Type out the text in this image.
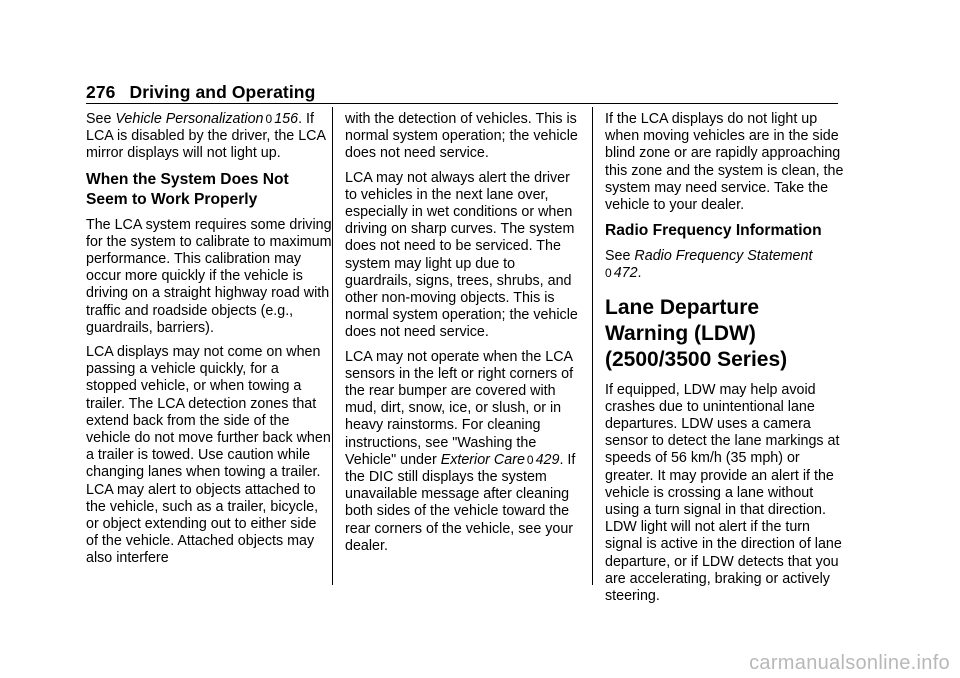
276 Driving and Operating

See Vehicle Personalization 0 156. If LCA is disabled by the driver, the LCA mirror displays will not light up.

When the System Does Not Seem to Work Properly

The LCA system requires some driving for the system to calibrate to maximum performance. This calibration may occur more quickly if the vehicle is driving on a straight highway road with traffic and roadside objects (e.g., guardrails, barriers).

LCA displays may not come on when passing a vehicle quickly, for a stopped vehicle, or when towing a trailer. The LCA detection zones that extend back from the side of the vehicle do not move further back when a trailer is towed. Use caution while changing lanes when towing a trailer. LCA may alert to objects attached to the vehicle, such as a trailer, bicycle, or object extending out to either side of the vehicle. Attached objects may also interfere

with the detection of vehicles. This is normal system operation; the vehicle does not need service.

LCA may not always alert the driver to vehicles in the next lane over, especially in wet conditions or when driving on sharp curves. The system does not need to be serviced. The system may light up due to guardrails, signs, trees, shrubs, and other non-moving objects. This is normal system operation; the vehicle does not need service.

LCA may not operate when the LCA sensors in the left or right corners of the rear bumper are covered with mud, dirt, snow, ice, or slush, or in heavy rainstorms. For cleaning instructions, see "Washing the Vehicle" under Exterior Care 0 429. If the DIC still displays the system unavailable message after cleaning both sides of the vehicle toward the rear corners of the vehicle, see your dealer.

If the LCA displays do not light up when moving vehicles are in the side blind zone or are rapidly approaching this zone and the system is clean, the system may need service. Take the vehicle to your dealer.

Radio Frequency Information

See Radio Frequency Statement
0 472.

Lane Departure Warning (LDW) (2500/3500 Series)

If equipped, LDW may help avoid crashes due to unintentional lane departures. LDW uses a camera sensor to detect the lane markings at speeds of 56 km/h (35 mph) or greater. It may provide an alert if the vehicle is crossing a lane without using a turn signal in that direction. LDW light will not alert if the turn signal is active in the direction of lane departure, or if LDW detects that you are accelerating, braking or actively steering.

carmanualsonline.info
